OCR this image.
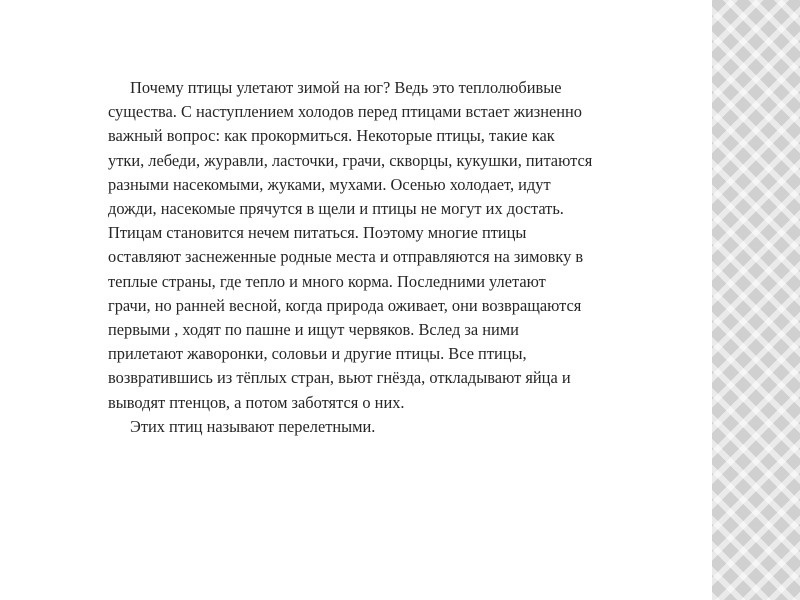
Почему птицы улетают зимой на юг? Ведь это теплолюбивые

существа. С наступлением холодов перед птицами встает жизненно

важный вопрос: как прокормиться. Некоторые птицы, такие как

утки, лебеди, журавли, ласточки, грачи, скворцы, кукушки, питаются

разными насекомыми, жуками, мухами. Осенью холодает, идут

дожди, насекомые прячутся в щели и птицы не могут их достать.

Птицам становится нечем питаться. Поэтому многие птицы

оставляют заснеженные родные места и отправляются на зимовку в

теплые страны, где тепло и много корма. Последними улетают

грачи, но ранней весной, когда природа оживает, они возвращаются

первыми , ходят по пашне и ищут червяков. Вслед за ними

прилетают жаворонки, соловьи и другие птицы. Все птицы,

возвратившись из тёплых стран, вьют гнёзда, откладывают яйца и

выводят птенцов, а потом заботятся о них.

Этих птиц называют перелетными.
